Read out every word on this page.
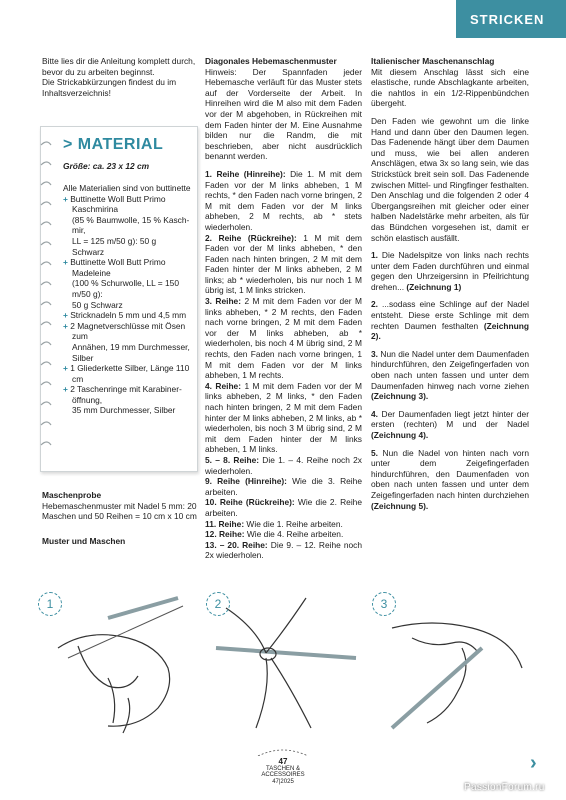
STRICKEN
Bitte lies dir die Anleitung komplett durch, bevor du zu arbeiten beginnst.
Die Strickabkürzungen findest du im Inhaltsverzeichnis!
> MATERIAL
Größe: ca. 23 x 12 cm
Alle Materialien sind von buttinette
+ Buttinette Woll Butt Primo
Kaschmirina
(85 % Baumwolle, 15 % Kasch-
mir,
LL = 125 m/50 g): 50 g
Schwarz
+ Buttinette Woll Butt Primo
Madeleine
(100 % Schurwolle, LL = 150
m/50 g):
50 g Schwarz
+ Stricknadeln 5 mm und 4,5 mm
+ 2 Magnetverschlüsse mit Ösen
zum
Annähen, 19 mm Durchmesser,
Silber
+ 1 Gliederkette Silber, Länge 110
cm
+ 2 Taschenringe mit Karabiner-
öffnung,
35 mm Durchmesser, Silber
Maschenprobe
Hebemaschenmuster mit Nadel 5 mm: 20 Maschen und 50 Reihen = 10 cm x 10 cm
Muster und Maschen
Diagonales Hebemaschenmuster

Hinweis: Der Spannfaden jeder Hebemasche verläuft für das Muster stets auf der Vorderseite der Arbeit. In Hinreihen wird die M also mit dem Faden vor der M abgehoben, in Rückreihen mit dem Faden hinter der M. Eine Ausnahme bilden nur die Randm, die mit beschrieben, aber nicht ausdrücklich benannt werden.

1. Reihe (Hinreihe): Die 1. M mit dem Faden vor der M links abheben, 1 M rechts, * den Faden nach vorne bringen, 2 M mit dem Faden vor der M links abheben, 2 M rechts, ab * stets wiederholen.
2. Reihe (Rückreihe): 1 M mit dem Faden vor der M links abheben, * den Faden nach hinten bringen, 2 M mit dem Faden hinter der M links abheben, 2 M links; ab * wiederholen, bis nur noch 1 M übrig ist, 1 M links stricken.
3. Reihe: 2 M mit dem Faden vor der M links abheben, * 2 M rechts, den Faden nach vorne bringen, 2 M mit dem Faden vor der M links abheben, ab * wiederholen, bis noch 4 M übrig sind, 2 M rechts, den Faden nach vorne bringen, 1 M mit dem Faden vor der M links abheben, 1 M rechts.
4. Reihe: 1 M mit dem Faden vor der M links abheben, 2 M links, * den Faden nach hinten bringen, 2 M mit dem Faden hinter der M links abheben, 2 M links, ab * wiederholen, bis noch 3 M übrig sind, 2 M mit dem Faden hinter der M links abheben, 1 M links.
5. – 8. Reihe: Die 1. – 4. Reihe noch 2x wiederholen.
9. Reihe (Hinreihe): Wie die 3. Reihe arbeiten.
10. Reihe (Rückreihe): Wie die 2. Reihe arbeiten.
11. Reihe: Wie die 1. Reihe arbeiten.
12. Reihe: Wie die 4. Reihe arbeiten.
13. – 20. Reihe: Die 9. – 12. Reihe noch 2x wiederholen.
Italienischer Maschenanschlag

Mit diesem Anschlag lässt sich eine elastische, runde Abschlagkante arbeiten, die nahtlos in ein 1/2-Rippenbündchen übergeht.

Den Faden wie gewohnt um die linke Hand und dann über den Daumen legen. Das Fadenende hängt über dem Daumen und muss, wie bei allen anderen Anschlägen, etwa 3x so lang sein, wie das Strickstück breit sein soll. Das Fadenende zwischen Mittel- und Ringfinger festhalten. Den Anschlag und die folgenden 2 oder 4 Übergangsreihen mit gleicher oder einer halben Nadelstärke mehr arbeiten, als für das Bündchen vorgesehen ist, damit er schön elastisch ausfällt.

1. Die Nadelspitze von links nach rechts unter dem Faden durchführen und einmal gegen den Uhrzeigersinn in Pfeilrichtung drehen... (Zeichnung 1)

2. ...sodass eine Schlinge auf der Nadel entsteht. Diese erste Schlinge mit dem rechten Daumen festhalten (Zeichnung 2).

3. Nun die Nadel unter dem Daumenfaden hindurchführen, den Zeigefingerfaden von oben nach unten fassen und unter dem Daumenfaden hinweg nach vorne ziehen (Zeichnung 3).

4. Der Daumenfaden liegt jetzt hinter der ersten (rechten) M und der Nadel (Zeichnung 4).

5. Nun die Nadel von hinten nach vorn unter dem Zeigefingerfaden hindurchführen, den Daumenfaden von oben nach unten fassen und unter dem Zeigefingerfaden nach hinten durchziehen (Zeichnung 5).

1	2	3
47
TASCHEN &
ACCESSOIRES
47|2025
›
PassionForum.ru
